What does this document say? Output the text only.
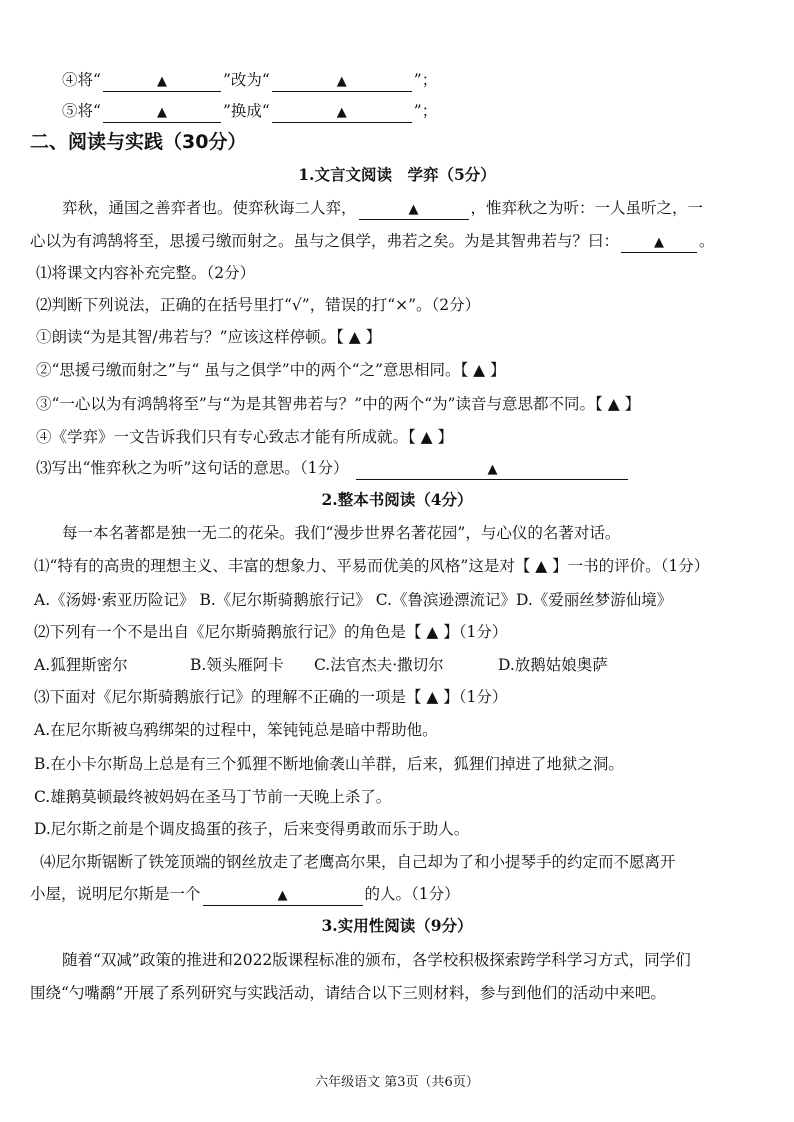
④将“	▲	”改为“	▲	”；
⑤将“	▲	”换成“	▲	”；
二、阅读与实践（30分）
1.文言文阅读　学弈（5分）
弈秋，通国之善弈者也。使弈秋诲二人弈，	▲	，惟弈秋之为听：一人虽听之，一
心以为有鸿鹄将至，思援弓缴而射之。虽与之俱学，弗若之矣。为是其智弗若与？曰：	▲ 。
⑴将课文内容补充完整。（2分）
⑵判断下列说法，正确的在括号里打“√”，错误的打“×”。（2分）
①朗读“为是其智/弗若与？”应该这样停顿。【 ▲ 】
②“思援弓缴而射之”与“ 虽与之俱学”中的两个“之”意思相同。【 ▲ 】
③“一心以为有鸿鹄将至”与“为是其智弗若与？”中的两个“为”读音与意思都不同。【 ▲ 】
④《学弈》一文告诉我们只有专心致志才能有所成就。【 ▲ 】
⑶写出“惟弈秋之为听”这句话的意思。（1分）	▲
2.整本书阅读（4分）
每一本名著都是独一无二的花朵。我们“漫步世界名著花园”，与心仪的名著对话。
⑴“特有的高贵的理想主义、丰富的想象力、平易而优美的风格”这是对【 ▲ 】一书的评价。（1分）
A.《汤姆·索亚历险记》 B.《尼尔斯骑鹅旅行记》 C.《鲁滨逊漂流记》D.《爱丽丝梦游仙境》
⑵下列有一个不是出自《尼尔斯骑鹅旅行记》的角色是【 ▲ 】（1分）
A.狐狸斯密尔	B.领头雁阿卡 C.法官杰夫·撒切尔	D.放鹅姑娘奥萨
⑶下面对《尼尔斯骑鹅旅行记》的理解不正确的一项是【 ▲ 】（1分）
A.在尼尔斯被乌鸦绑架的过程中，笨钝钝总是暗中帮助他。
B.在小卡尔斯岛上总是有三个狐狸不断地偷袭山羊群，后来，狐狸们掉进了地狱之洞。
C.雄鹅莫顿最终被妈妈在圣马丁节前一天晚上杀了。
D.尼尔斯之前是个调皮捣蛋的孩子，后来变得勇敢而乐于助人。
⑷尼尔斯锯断了铁笼顶端的钢丝放走了老鹰高尔果，自己却为了和小提琴手的约定而不愿离开
小屋，说明尼尔斯是一个	▲	的人。（1分）
3.实用性阅读（9分）
随着“双减”政策的推进和2022版课程标准的颁布，各学校积极探索跨学科学习方式，同学们
围绕“勺嘴鹬”开展了系列研究与实践活动，请结合以下三则材料，参与到他们的活动中来吧。
六年级语文 第3页（共6页）
